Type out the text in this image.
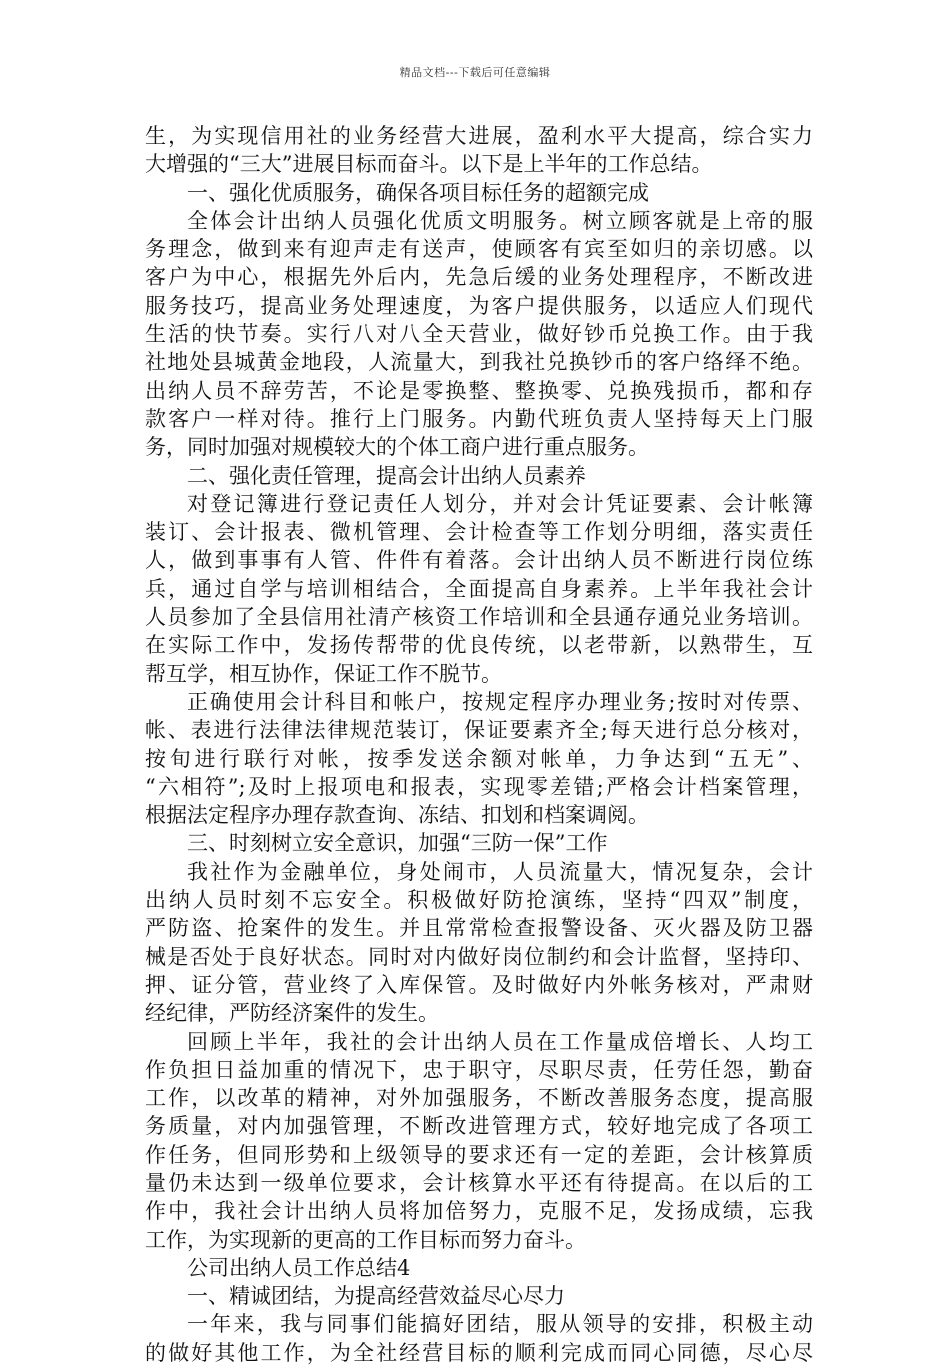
精品文档---下载后可任意编辑
生，为实现信用社的业务经营大进展，盈利水平大提高，综合实力
大增强的“三大”进展目标而奋斗。以下是上半年的工作总结。
一、强化优质服务，确保各项目标任务的超额完成
全体会计出纳人员强化优质文明服务。树立顾客就是上帝的服
务理念，做到来有迎声走有送声，使顾客有宾至如归的亲切感。以
客户为中心，根据先外后内，先急后缓的业务处理程序，不断改进
服务技巧，提高业务处理速度，为客户提供服务，以适应人们现代
生活的快节奏。实行八对八全天营业，做好钞币兑换工作。由于我
社地处县城黄金地段，人流量大，到我社兑换钞币的客户络绎不绝。
出纳人员不辞劳苦，不论是零换整、整换零、兑换残损币，都和存
款客户一样对待。推行上门服务。内勤代班负责人坚持每天上门服
务，同时加强对规模较大的个体工商户进行重点服务。
二、强化责任管理，提高会计出纳人员素养
对登记簿进行登记责任人划分，并对会计凭证要素、会计帐簿
装订、会计报表、微机管理、会计检查等工作划分明细，落实责任
人，做到事事有人管、件件有着落。会计出纳人员不断进行岗位练
兵，通过自学与培训相结合，全面提高自身素养。上半年我社会计
人员参加了全县信用社清产核资工作培训和全县通存通兑业务培训。
在实际工作中，发扬传帮带的优良传统，以老带新，以熟带生，互
帮互学，相互协作，保证工作不脱节。
正确使用会计科目和帐户，按规定程序办理业务;按时对传票、
帐、表进行法律法律规范装订，保证要素齐全;每天进行总分核对，
按旬进行联行对帐，按季发送余额对帐单，力争达到“五无”、
“六相符”;及时上报项电和报表，实现零差错;严格会计档案管理，
根据法定程序办理存款查询、冻结、扣划和档案调阅。
三、时刻树立安全意识，加强“三防一保”工作
我社作为金融单位，身处闹市，人员流量大，情况复杂，会计
出纳人员时刻不忘安全。积极做好防抢演练，坚持“四双”制度，
严防盗、抢案件的发生。并且常常检查报警设备、灭火器及防卫器
械是否处于良好状态。同时对内做好岗位制约和会计监督，坚持印、
押、证分管，营业终了入库保管。及时做好内外帐务核对，严肃财
经纪律，严防经济案件的发生。
回顾上半年，我社的会计出纳人员在工作量成倍增长、人均工
作负担日益加重的情况下，忠于职守，尽职尽责，任劳任怨，勤奋
工作，以改革的精神，对外加强服务，不断改善服务态度，提高服
务质量，对内加强管理，不断改进管理方式，较好地完成了各项工
作任务，但同形势和上级领导的要求还有一定的差距，会计核算质
量仍未达到一级单位要求，会计核算水平还有待提高。在以后的工
作中，我社会计出纳人员将加倍努力，克服不足，发扬成绩，忘我
工作，为实现新的更高的工作目标而努力奋斗。
公司出纳人员工作总结4
一、精诚团结，为提高经营效益尽心尽力
一年来，我与同事们能搞好团结，服从领导的安排，积极主动
的做好其他工作，为全社经营目标的顺利完成而同心同德，尽心尽
